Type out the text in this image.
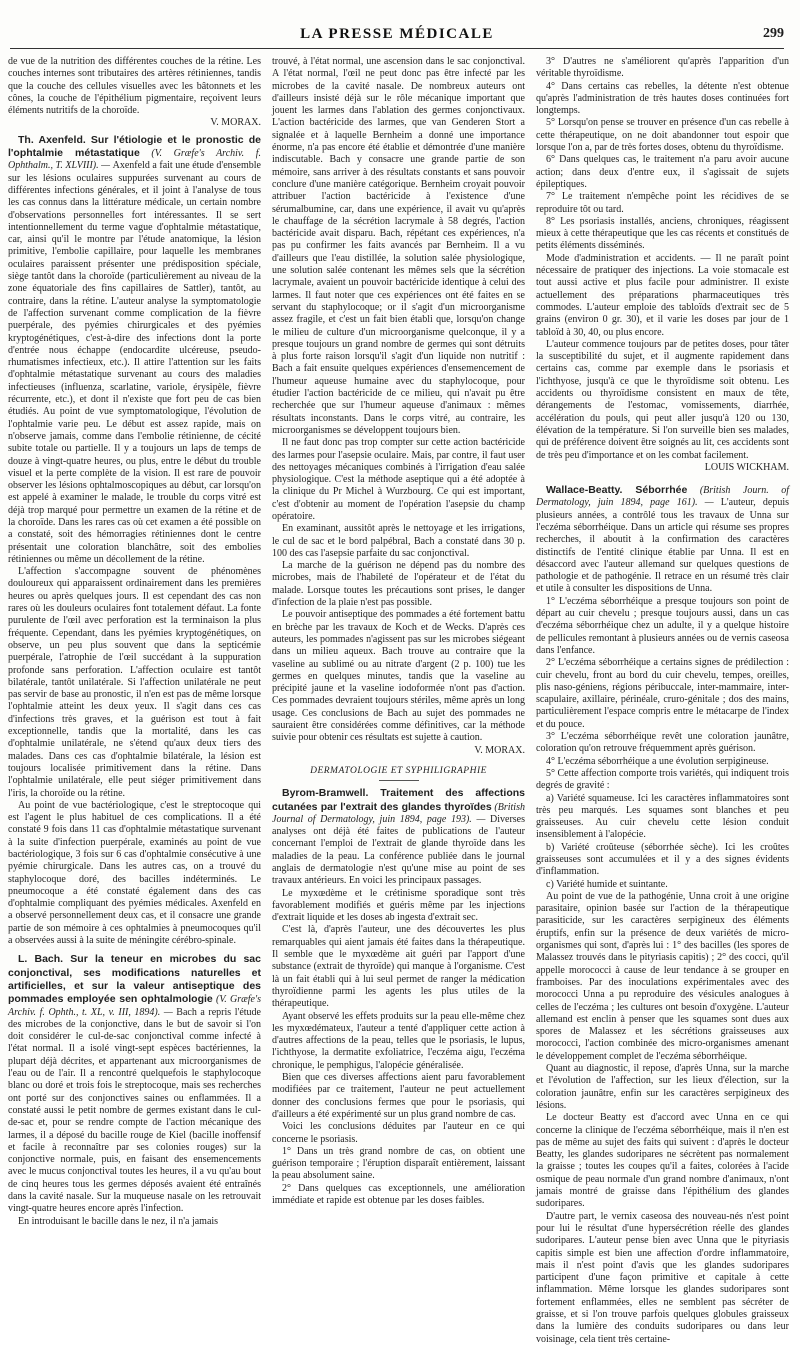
LA PRESSE MÉDICALE	299

de vue de la nutrition des différentes couches de la rétine. Les couches internes sont tributaires des artères rétiniennes, tandis que la couche des cellules visuelles avec les bâtonnets et les cônes, la couche de l'épithélium pigmentaire, reçoivent leurs éléments nutritifs de la choroïde.

V. MORAX.

Th. Axenfeld. Sur l'étiologie et le pronostic de l'ophtalmie métastatique (V. Græfe's Archiv. f. Ophthalm., T. XLVIII). — Axenfeld a fait une étude d'ensemble sur les lésions oculaires suppurées survenant au cours de différentes infections générales, et il joint à l'analyse de tous les cas connus dans la littérature médicale, un certain nombre d'observations personnelles fort intéressantes. Il se sert intentionnellement du terme vague d'ophtalmie métastatique, car, ainsi qu'il le montre par l'étude anatomique, la lésion primitive, l'embolie capillaire, pour laquelle les membranes oculaires paraissent présenter une prédisposition spéciale, siège tantôt dans la choroïde (particulièrement au niveau de la zone équatoriale des fins capillaires de Sattler), tantôt, au contraire, dans la rétine. L'auteur analyse la symptomatologie de l'affection survenant comme complication de la fièvre puerpérale, des pyémies chirurgicales et des pyémies kryptogénétiques, c'est-à-dire des infections dont la porte d'entrée nous échappe (endocardite ulcéreuse, pseudo-rhumatismes infectieux, etc.). Il attire l'attention sur les faits d'ophtalmie métastatique survenant au cours des maladies infectieuses (influenza, scarlatine, variole, érysipèle, fièvre récurrente, etc.), et dont il n'existe que fort peu de cas bien étudiés. Au point de vue symptomatologique, l'évolution de l'ophtalmie varie peu. Le début est assez rapide, mais on n'observe jamais, comme dans l'embolie rétinienne, de cécité subite totale ou partielle. Il y a toujours un laps de temps de douze à vingt-quatre heures, ou plus, entre le début du trouble visuel et la perte complète de la vision. Il est rare de pouvoir observer les lésions ophtalmoscopiques au début, car lorsqu'on est appelé à examiner le malade, le trouble du corps vitré est déjà trop marqué pour permettre un examen de la rétine et de la choroïde. Dans les rares cas où cet examen a été possible on a constaté, soit des hémorragies rétiniennes dont le centre présentait une coloration blanchâtre, soit des embolies rétiniennes ou même un décollement de la rétine.

L'affection s'accompagne souvent de phénomènes douloureux qui apparaissent ordinairement dans les premières heures ou après quelques jours. Il est cependant des cas non rares où les douleurs oculaires font totalement défaut. La fonte purulente de l'œil avec perforation est la terminaison la plus fréquente. Cependant, dans les pyémies kryptogénétiques, on observe, un peu plus souvent que dans la septicémie puerpérale, l'atrophie de l'œil succédant à la suppuration profonde sans perforation. L'affection oculaire est tantôt bilatérale, tantôt unilatérale. Si l'affection unilatérale ne peut pas servir de base au pronostic, il n'en est pas de même lorsque l'ophtalmie atteint les deux yeux. Il s'agit dans ces cas d'infections très graves, et la guérison est tout à fait exceptionnelle, tandis que la mortalité, dans les cas d'ophtalmie unilatérale, ne s'étend qu'aux deux tiers des malades. Dans ces cas d'ophtalmie bilatérale, la lésion est toujours localisée primitivement dans la rétine. Dans l'ophtalmie unilatérale, elle peut siéger primitivement dans l'iris, la choroïde ou la rétine.

Au point de vue bactériologique, c'est le streptocoque qui est l'agent le plus habituel de ces complications. Il a été constaté 9 fois dans 11 cas d'ophtalmie métastatique survenant à la suite d'infection puerpérale, examinés au point de vue bactériologique, 3 fois sur 6 cas d'ophtalmie consécutive à une pyémie chirurgicale. Dans les autres cas, on a trouvé du staphylocoque doré, des bacilles indéterminés. Le pneumocoque a été constaté également dans des cas d'ophtalmie compliquant des pyémies médicales. Axenfeld en a observé personnellement deux cas, et il consacre une grande partie de son mémoire à ces ophtalmies à pneumocoques qu'il a observées aussi à la suite de méningite cérébro-spinale.

L. Bach. Sur la teneur en microbes du sac conjonctival, ses modifications naturelles et artificielles, et sur la valeur antiseptique des pommades employée sen ophtalmologie (V. Græfe's Archiv. f. Ophth., t. XL, v. III, 1894). — Bach a repris l'étude des microbes de la conjonctive, dans le but de savoir si l'on doit considérer le cul-de-sac conjonctival comme infecté à l'état normal. Il a isolé vingt-sept espèces bactériennes, la plupart déjà décrites, et appartenant aux microorganismes de l'eau ou de l'air. Il a rencontré quelquefois le staphylocoque blanc ou doré et trois fois le streptocoque, mais ses recherches ont porté sur des conjonctives saines ou enflammées. Il a constaté aussi le petit nombre de germes existant dans le cul-de-sac et, pour se rendre compte de l'action mécanique des larmes, il a déposé du bacille rouge de Kiel (bacille inoffensif et facile à reconnaître par ses colonies rouges) sur la conjonctive normale, puis, en faisant des ensemencements avec le mucus conjonctival toutes les heures, il a vu qu'au bout de cinq heures tous les germes déposés avaient été entraînés dans la cavité nasale. Sur la muqueuse nasale on les retrouvait vingt-quatre heures encore après l'infection.

En introduisant le bacille dans le nez, il n'a jamais

trouvé, à l'état normal, une ascension dans le sac conjonctival. A l'état normal, l'œil ne peut donc pas être infecté par les microbes de la cavité nasale. De nombreux auteurs ont d'ailleurs insisté déjà sur le rôle mécanique important que jouent les larmes dans l'ablation des germes conjonctivaux. L'action bactéricide des larmes, que van Genderen Stort a signalée et à laquelle Bernheim a donné une importance énorme, n'a pas encore été établie et démontrée d'une manière indiscutable. Bach y consacre une grande partie de son mémoire, sans arriver à des résultats constants et sans pouvoir conclure d'une manière catégorique. Bernheim croyait pouvoir attribuer l'action bactéricide à l'existence d'une sérumalbumine, car, dans une expérience, il avait vu qu'après le chauffage de la sécrétion lacrymale à 58 degrés, l'action bactéricide avait disparu. Bach, répétant ces expériences, n'a pas pu confirmer les faits avancés par Bernheim. Il a vu d'ailleurs que l'eau distillée, la solution salée physiologique, une solution salée contenant les mêmes sels que la sécrétion lacrymale, avaient un pouvoir bactéricide identique à celui des larmes. Il faut noter que ces expériences ont été faites en se servant du staphylocoque; or il s'agit d'un microorganisme assez fragile, et c'est un fait bien établi que, lorsqu'on change le milieu de culture d'un microorganisme quelconque, il y a presque toujours un grand nombre de germes qui sont détruits à plus forte raison lorsqu'il s'agit d'un liquide non nutritif : Bach a fait ensuite quelques expériences d'ensemencement de l'humeur aqueuse humaine avec du staphylocoque, pour étudier l'action bactéricide de ce milieu, qui n'avait pu être recherchée que sur l'humeur aqueuse d'animaux : mêmes résultats inconstants. Dans le corps vitré, au contraire, les microorganismes se développent toujours bien.

Il ne faut donc pas trop compter sur cette action bactéricide des larmes pour l'asepsie oculaire. Mais, par contre, il faut user des nettoyages mécaniques combinés à l'irrigation d'eau salée physiologique. C'est la méthode aseptique qui a été adoptée à la clinique du Pr Michel à Wurzbourg. Ce qui est important, c'est d'obtenir au moment de l'opération l'asepsie du champ opératoire.

En examinant, aussitôt après le nettoyage et les irrigations, le cul de sac et le bord palpébral, Bach a constaté dans 30 p. 100 des cas l'asepsie parfaite du sac conjonctival.

La marche de la guérison ne dépend pas du nombre des microbes, mais de l'habileté de l'opérateur et de l'état du malade. Lorsque toutes les précautions sont prises, le danger d'infection de la plaie n'est pas possible.

Le pouvoir antiseptique des pommades a été fortement battu en brèche par les travaux de Koch et de Wecks. D'après ces auteurs, les pommades n'agissent pas sur les microbes siégeant dans un milieu aqueux. Bach trouve au contraire que la vaseline au sublimé ou au nitrate d'argent (2 p. 100) tue les germes en quelques minutes, tandis que la vaseline au précipité jaune et la vaseline iodoformée n'ont pas d'action. Ces pommades devraient toujours stériles, même après un long usage. Ces conclusions de Bach au sujet des pommades ne sauraient être considérées comme définitives, car la méthode suivie pour obtenir ces résultats est sujette à caution.

V. MORAX.
DERMATOLOGIE ET SYPHILIGRAPHIE

Byrom-Bramwell. Traitement des affections cutanées par l'extrait des glandes thyroïdes (British Journal of Dermatology, juin 1894, page 193). — Diverses analyses ont déjà été faites de publications de l'auteur concernant l'emploi de l'extrait de glande thyroïde dans les maladies de la peau. La conférence publiée dans le journal anglais de dermatologie n'est qu'une mise au point de ses travaux antérieurs. En voici les principaux passages.

Le myxœdème et le crétinisme sporadique sont très favorablement modifiés et guéris même par les injections d'extrait liquide et les doses ab ingesta d'extrait sec.

C'est là, d'après l'auteur, une des découvertes les plus remarquables qui aient jamais été faites dans la thérapeutique. Il semble que le myxœdème ait guéri par l'apport d'une substance (extrait de thyroïde) qui manque à l'organisme. C'est là un fait établi qui à lui seul permet de ranger la médication thyroïdienne parmi les agents les plus utiles de la thérapeutique.

Ayant observé les effets produits sur la peau elle-même chez les myxœdémateux, l'auteur a tenté d'appliquer cette action à d'autres affections de la peau, telles que le psoriasis, le lupus, l'ichthyose, la dermatite exfoliatrice, l'eczéma aigu, l'eczéma chronique, le pemphigus, l'alopécie généralisée.

Bien que ces diverses affections aient paru favorablement modifiées par ce traitement, l'auteur ne peut actuellement donner des conclusions fermes que pour le psoriasis, qui d'ailleurs a été expérimenté sur un plus grand nombre de cas.

Voici les conclusions déduites par l'auteur en ce qui concerne le psoriasis.

1° Dans un très grand nombre de cas, on obtient une guérison temporaire ; l'éruption disparaît entièrement, laissant la peau absolument saine.

2° Dans quelques cas exceptionnels, une amélioration immédiate et rapide est obtenue par les doses faibles.

3° D'autres ne s'améliorent qu'après l'apparition d'un véritable thyroïdisme.

4° Dans certains cas rebelles, la détente n'est obtenue qu'après l'administration de très hautes doses continuées fort longtemps.

5° Lorsqu'on pense se trouver en présence d'un cas rebelle à cette thérapeutique, on ne doit abandonner tout espoir que lorsque l'on a, par de très fortes doses, obtenu du thyroïdisme.

6° Dans quelques cas, le traitement n'a paru avoir aucune action; dans deux d'entre eux, il s'agissait de sujets épileptiques.

7° Le traitement n'empêche point les récidives de se reproduire tôt ou tard.

8° Les psoriasis installés, anciens, chroniques, réagissent mieux à cette thérapeutique que les cas récents et constitués de petits éléments disséminés.

Mode d'administration et accidents. — Il ne paraît point nécessaire de pratiquer des injections. La voie stomacale est tout aussi active et plus facile pour administrer. Il existe actuellement des préparations pharmaceutiques très commodes. L'auteur emploie des tabloïds d'extrait sec de 5 grains (environ 0 gr. 30), et il varie les doses par jour de 1 tabloïd à 30, 40, ou plus encore.

L'auteur commence toujours par de petites doses, pour tâter la susceptibilité du sujet, et il augmente rapidement dans certains cas, comme par exemple dans le psoriasis et l'ichthyose, jusqu'à ce que le thyroïdisme soit obtenu. Les accidents ou thyroïdisme consistent en maux de tête, dérangements de l'estomac, vomissements, diarrhée, accélération du pouls, qui peut aller jusqu'à 120 ou 130, élévation de la température. Si l'on surveille bien ses malades, qui de préférence doivent être soignés au lit, ces accidents sont de très peu d'importance et on les combat facilement.

LOUIS WICKHAM.

Wallace-Beatty. Séborrhée (British Journ. of Dermatology, juin 1894, page 161). — L'auteur, depuis plusieurs années, a contrôlé tous les travaux de Unna sur l'eczéma séborrhéique. Dans un article qui résume ses propres recherches, il aboutit à la confirmation des caractères distinctifs de l'entité clinique établie par Unna. Il est en désaccord avec l'auteur allemand sur quelques questions de pathologie et de pathogénie. Il retrace en un résumé très clair et utile à consulter les dispositions de Unna.

1° L'eczéma séborrhéique a presque toujours son point de départ au cuir chevelu ; presque toujours aussi, dans un cas d'eczéma séborrhéique chez un adulte, il y a quelque histoire de pellicules remontant à plusieurs années ou de vernis caseosa dans l'enfance.

2° L'eczéma séborrhéique a certains signes de prédilection : cuir chevelu, front au bord du cuir chevelu, tempes, oreilles, plis naso-géniens, régions péribuccale, inter-mammaire, inter-scapulaire, axillaire, périnéale, cruro-génitale ; dos des mains, particulièrement l'espace compris entre le métacarpe de l'index et du pouce.

3° L'eczéma séborrhéique revêt une coloration jaunâtre, coloration qu'on retrouve fréquemment après guérison.

4° L'eczéma séborrhéique a une évolution serpigineuse.

5° Cette affection comporte trois variétés, qui indiquent trois degrés de gravité :

a) Variété squameuse. Ici les caractères inflammatoires sont très peu marqués. Les squames sont blanches et peu graisseuses. Au cuir chevelu cette lésion conduit insensiblement à l'alopécie.

b) Variété croûteuse (séborrhée sèche). Ici les croûtes graisseuses sont accumulées et il y a des signes évidents d'inflammation.

c) Variété humide et suintante.

Au point de vue de la pathogénie, Unna croit à une origine parasitaire, opinion basée sur l'action de la thérapeutique parasiticide, sur les caractères serpigineux des éléments éruptifs, enfin sur la présence de deux variétés de micro-organismes qui sont, d'après lui : 1° des bacilles (les spores de Malassez trouvés dans le pityriasis capitis) ; 2° des cocci, qu'il appelle morococci à cause de leur tendance à se grouper en framboises. Par des inoculations expérimentales avec des morococci Unna a pu reproduire des vésicules analogues à celles de l'eczéma ; les cultures ont besoin d'oxygène. L'auteur allemand est enclin à penser que les squames sont dues aux spores de Malassez et les sécrétions graisseuses aux morococci, l'action combinée des micro-organismes amenant le développement complet de l'eczéma séborrhéique.

Quant au diagnostic, il repose, d'après Unna, sur la marche et l'évolution de l'affection, sur les lieux d'élection, sur la coloration jaunâtre, enfin sur les caractères serpigineux des lésions.

Le docteur Beatty est d'accord avec Unna en ce qui concerne la clinique de l'eczéma séborrhéique, mais il n'en est pas de même au sujet des faits qui suivent : d'après le docteur Beatty, les glandes sudoripares ne sécrètent pas normalement la graisse ; toutes les coupes qu'il a faites, colorées à l'acide osmique de peau normale d'un grand nombre d'animaux, n'ont jamais montré de graisse dans l'épithélium des glandes sudoripares.

D'autre part, le vernix caseosa des nouveau-nés n'est point pour lui le résultat d'une hypersécrétion réelle des glandes sudoripares. L'auteur pense bien avec Unna que le pityriasis capitis simple est bien une affection d'ordre inflammatoire, mais il n'est point d'avis que les glandes sudoripares participent d'une façon primitive et capitale à cette inflammation. Même lorsque les glandes sudoripares sont fortement enflammées, elles ne semblent pas sécréter de graisse, et si l'on trouve parfois quelques globules graisseux dans la lumière des conduits sudoripares ou dans leur voisinage, cela tient très certaine-
